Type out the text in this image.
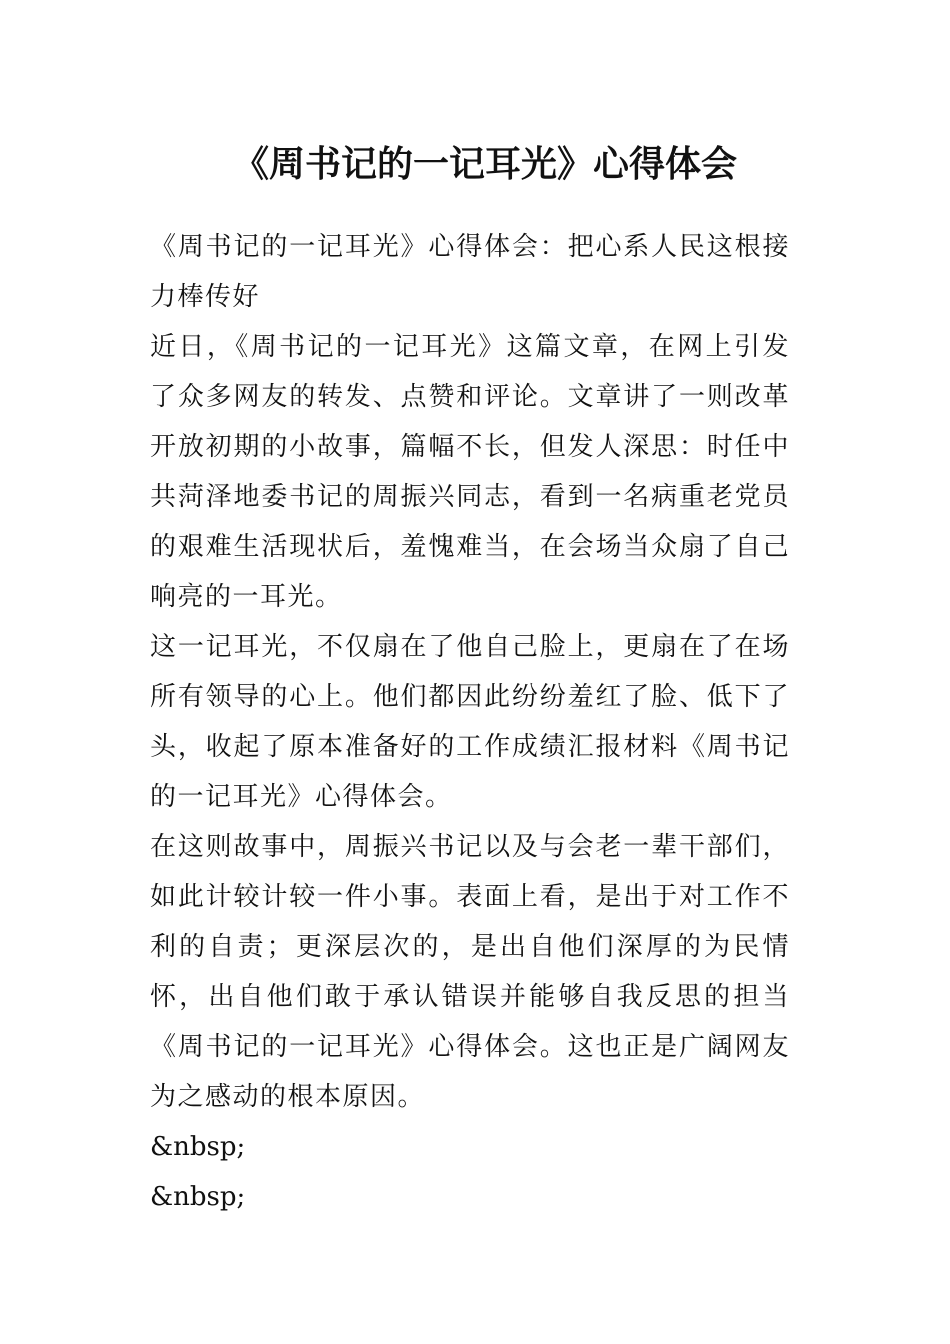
《周书记的一记耳光》心得体会

《周书记的一记耳光》心得体会：把心系人民这根接力棒传好

近日，《周书记的一记耳光》这篇文章，在网上引发了众多网友的转发、点赞和评论。文章讲了一则改革开放初期的小故事，篇幅不长，但发人深思：时任中共菏泽地委书记的周振兴同志，看到一名病重老党员的艰难生活现状后，羞愧难当，在会场当众扇了自己响亮的一耳光。

这一记耳光，不仅扇在了他自己脸上，更扇在了在场所有领导的心上。他们都因此纷纷羞红了脸、低下了头，收起了原本准备好的工作成绩汇报材料《周书记的一记耳光》心得体会。

在这则故事中，周振兴书记以及与会老一辈干部们，如此计较计较一件小事。表面上看，是出于对工作不利的自责；更深层次的，是出自他们深厚的为民情怀，出自他们敢于承认错误并能够自我反思的担当《周书记的一记耳光》心得体会。这也正是广阔网友为之感动的根本原因。

&nbsp;

&nbsp;
